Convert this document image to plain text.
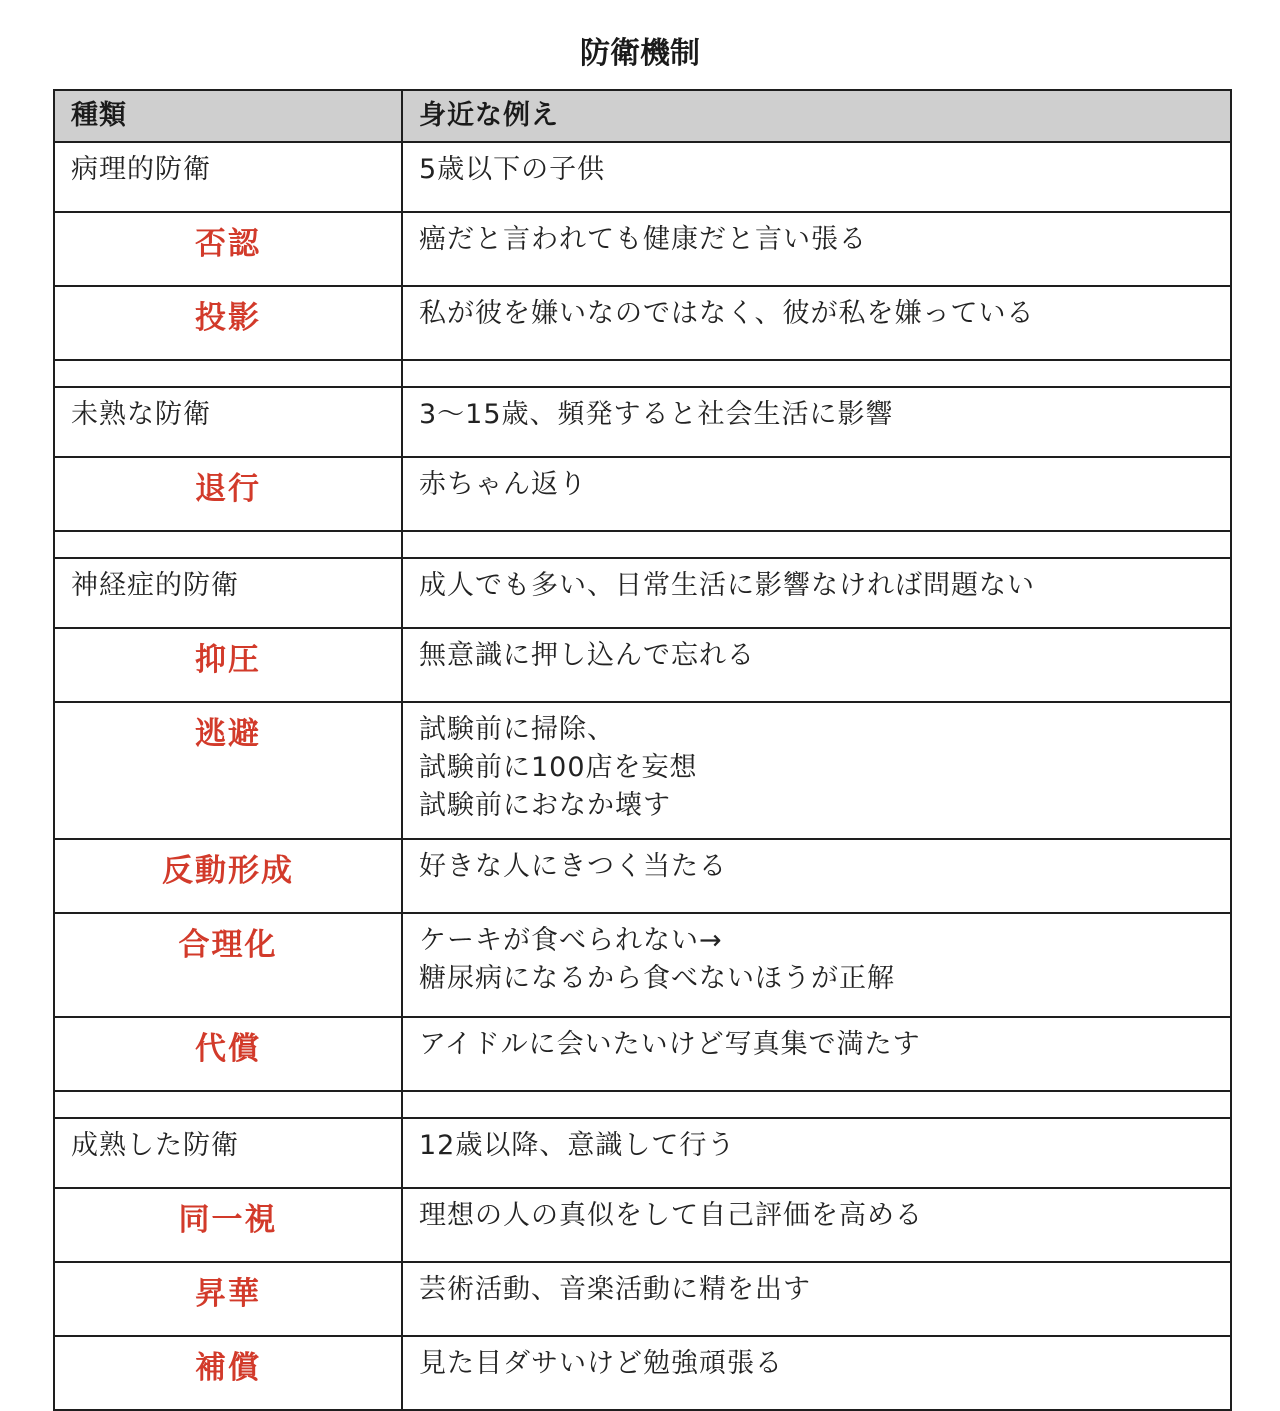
防衛機制
種類	身近な例え
病理的防衛	5歳以下の子供
否認	癌だと言われても健康だと言い張る

投影	私が彼を嫌いなのではなく、彼が私を嫌っている

未熟な防衛	3〜15歳、頻発すると社会生活に影響
退行	赤ちゃん返り

神経症的防衛	成人でも多い、日常生活に影響なければ問題ない
抑圧	無意識に押し込んで忘れる

逃避	試験前に掃除、
試験前に100店を妄想
試験前におなか壊す

反動形成	好きな人にきつく当たる

合理化	ケーキが食べられない→
糖尿病になるから食べないほうが正解

代償	アイドルに会いたいけど写真集で満たす

成熟した防衛	12歳以降、意識して行う
同一視	理想の人の真似をして自己評価を高める

昇華	芸術活動、音楽活動に精を出す

補償	見た目ダサいけど勉強頑張る
